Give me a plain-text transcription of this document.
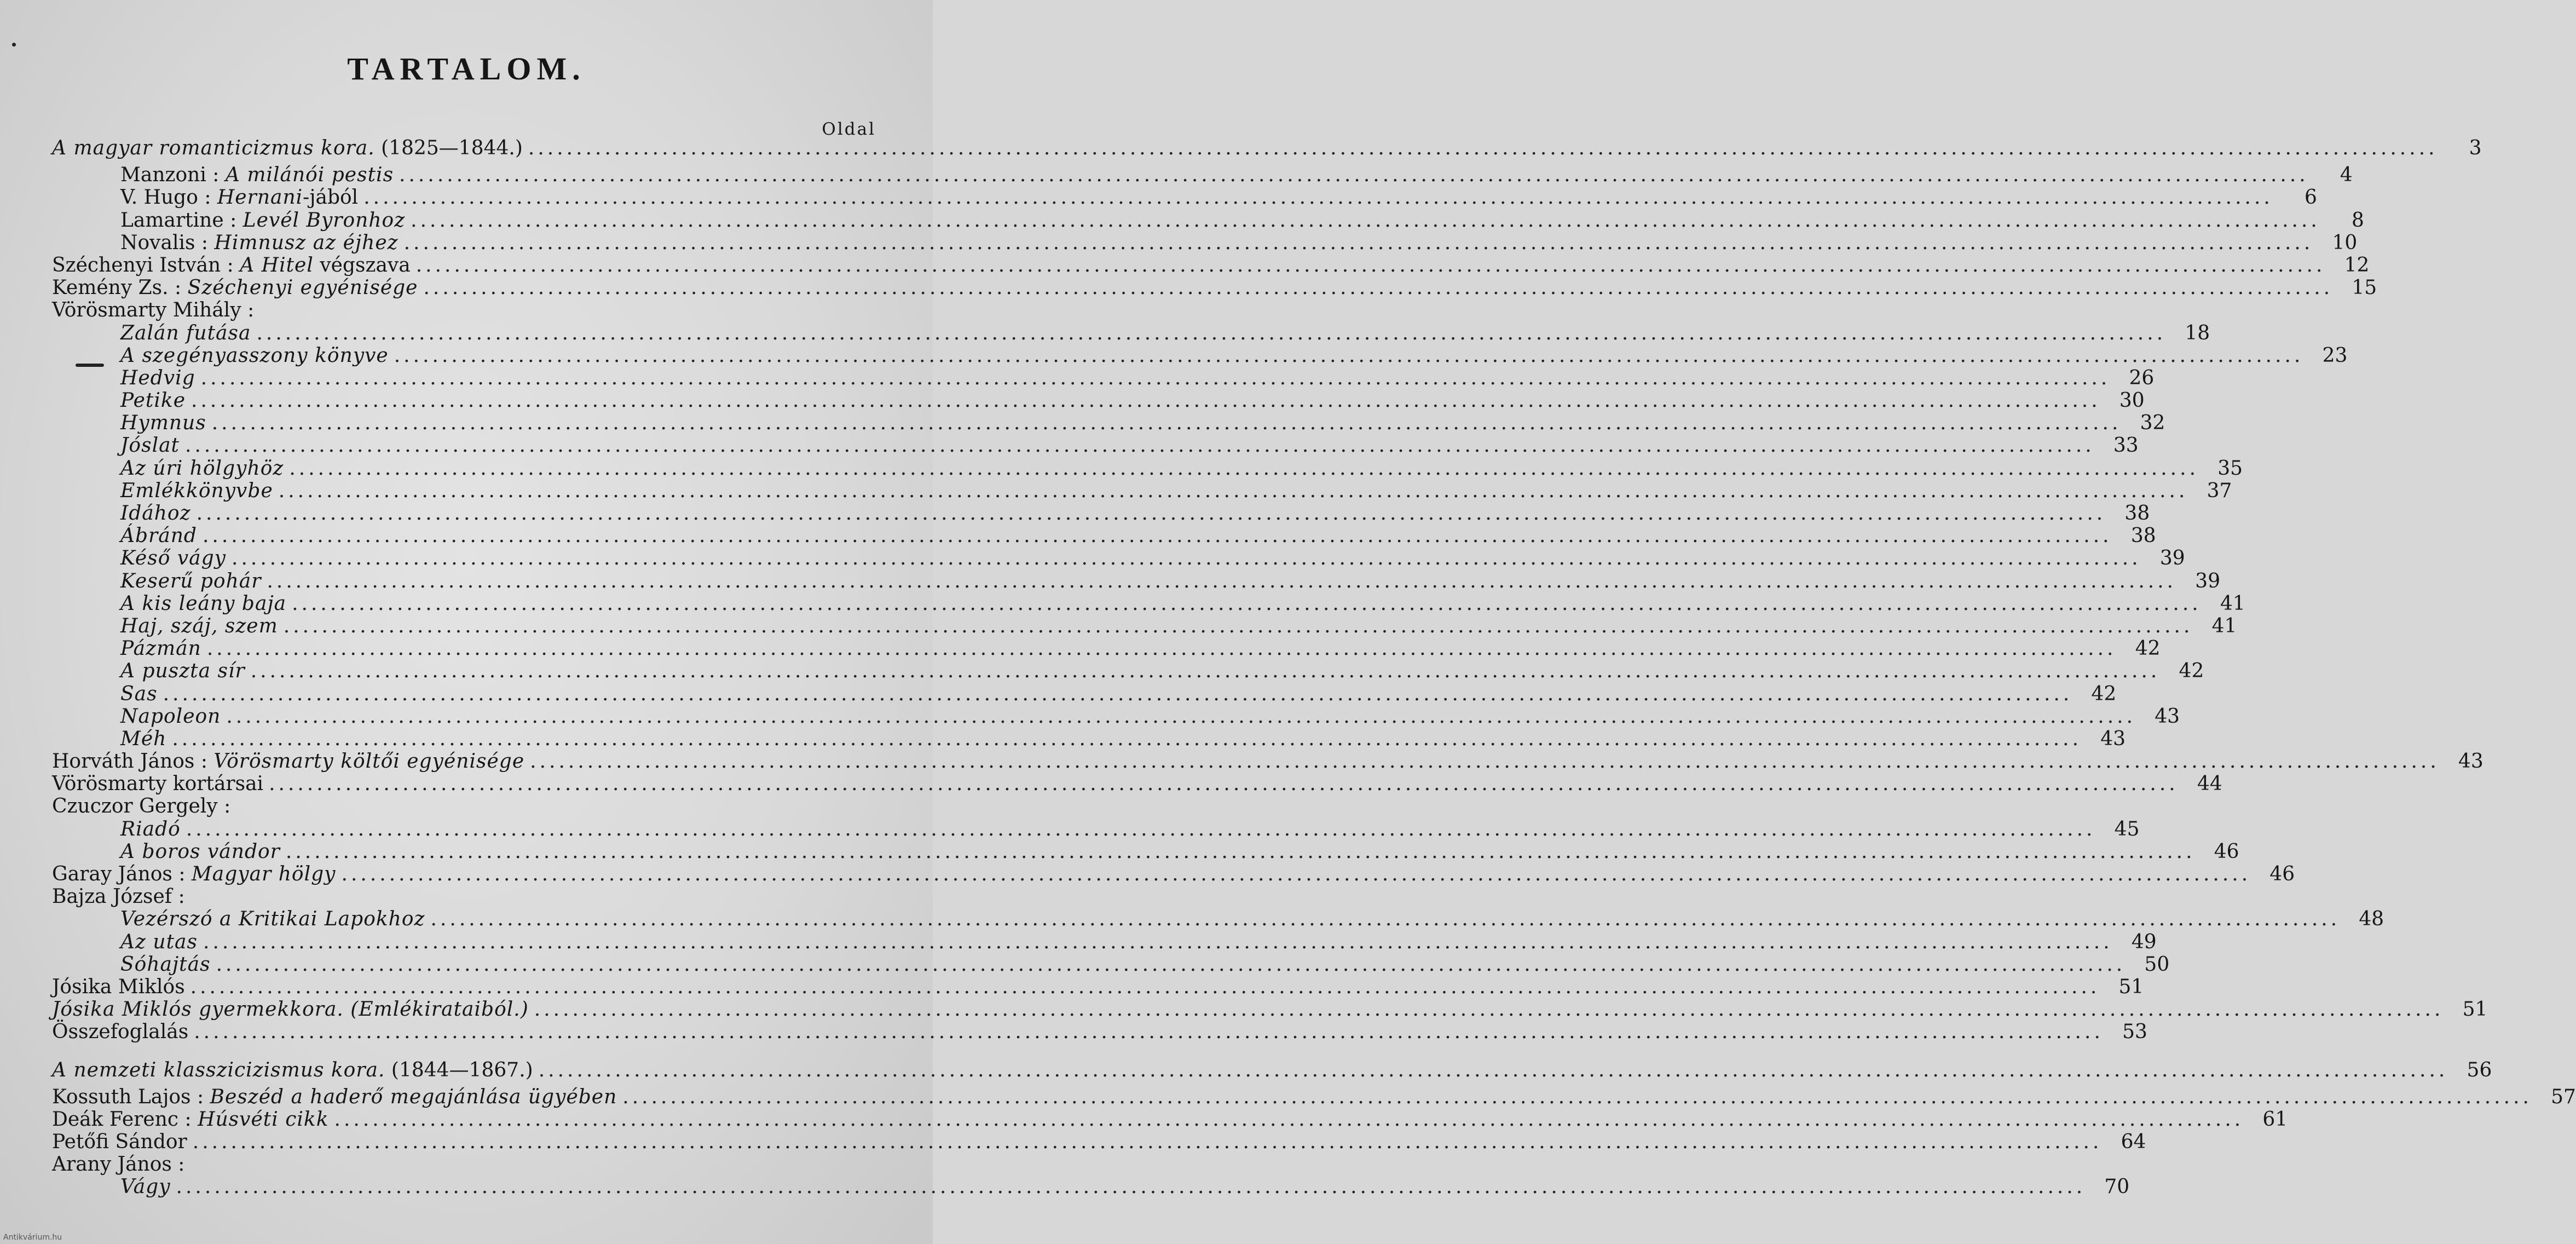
TARTALOM.
Oldal
A magyar romanticizmus kora. (1825—1844.) ........................................................................................................................................................................................................	3
Manzoni : A milánói pestis ........................................................................................................................................................................................................	4
V. Hugo : Hernani-jából ........................................................................................................................................................................................................	6
Lamartine : Levél Byronhoz ........................................................................................................................................................................................................	8
Novalis : Himnusz az éjhez ........................................................................................................................................................................................................ 10
Széchenyi István : A Hitel végszava ........................................................................................................................................................................................................ 12
Kemény Zs. : Széchenyi egyénisége ........................................................................................................................................................................................................ 15
Vörösmarty Mihály :
Zalán futása ........................................................................................................................................................................................................ 18
A szegényasszony könyve ........................................................................................................................................................................................................ 23
Hedvig ........................................................................................................................................................................................................ 26
Petike ........................................................................................................................................................................................................ 30
Hymnus ........................................................................................................................................................................................................ 32
Jóslat ........................................................................................................................................................................................................ 33
Az úri hölgyhöz ........................................................................................................................................................................................................ 35
Emlékkönyvbe ........................................................................................................................................................................................................ 37
Idához ........................................................................................................................................................................................................ 38
Ábránd ........................................................................................................................................................................................................ 38
Késő vágy ........................................................................................................................................................................................................ 39
Keserű pohár ........................................................................................................................................................................................................ 39
A kis leány baja ........................................................................................................................................................................................................ 41
Haj, száj, szem ........................................................................................................................................................................................................ 41
Pázmán ........................................................................................................................................................................................................ 42
A puszta sír ........................................................................................................................................................................................................ 42
Sas ........................................................................................................................................................................................................ 42
Napoleon ........................................................................................................................................................................................................ 43
Méh ........................................................................................................................................................................................................ 43
Horváth János : Vörösmarty költői egyénisége ........................................................................................................................................................................................................ 43
Vörösmarty kortársai ........................................................................................................................................................................................................ 44
Czuczor Gergely :
Riadó ........................................................................................................................................................................................................ 45
A boros vándor ........................................................................................................................................................................................................ 46
Garay János : Magyar hölgy ........................................................................................................................................................................................................ 46
Bajza József :
Vezérszó a Kritikai Lapokhoz ........................................................................................................................................................................................................ 48
Az utas ........................................................................................................................................................................................................ 49
Sóhajtás ........................................................................................................................................................................................................ 50
Jósika Miklós ........................................................................................................................................................................................................ 51
Jósika Miklós gyermekkora. (Emlékirataiból.) ........................................................................................................................................................................................................ 51
Összefoglalás ........................................................................................................................................................................................................ 53
A nemzeti klasszicizismus kora. (1844—1867.) ........................................................................................................................................................................................................ 56
Kossuth Lajos : Beszéd a haderő megajánlása ügyében ........................................................................................................................................................................................................ 57
Deák Ferenc : Húsvéti cikk ........................................................................................................................................................................................................ 61
Petőfi Sándor ........................................................................................................................................................................................................ 64
Arany János :
Vágy ........................................................................................................................................................................................................ 70
Antikvárium.hu
